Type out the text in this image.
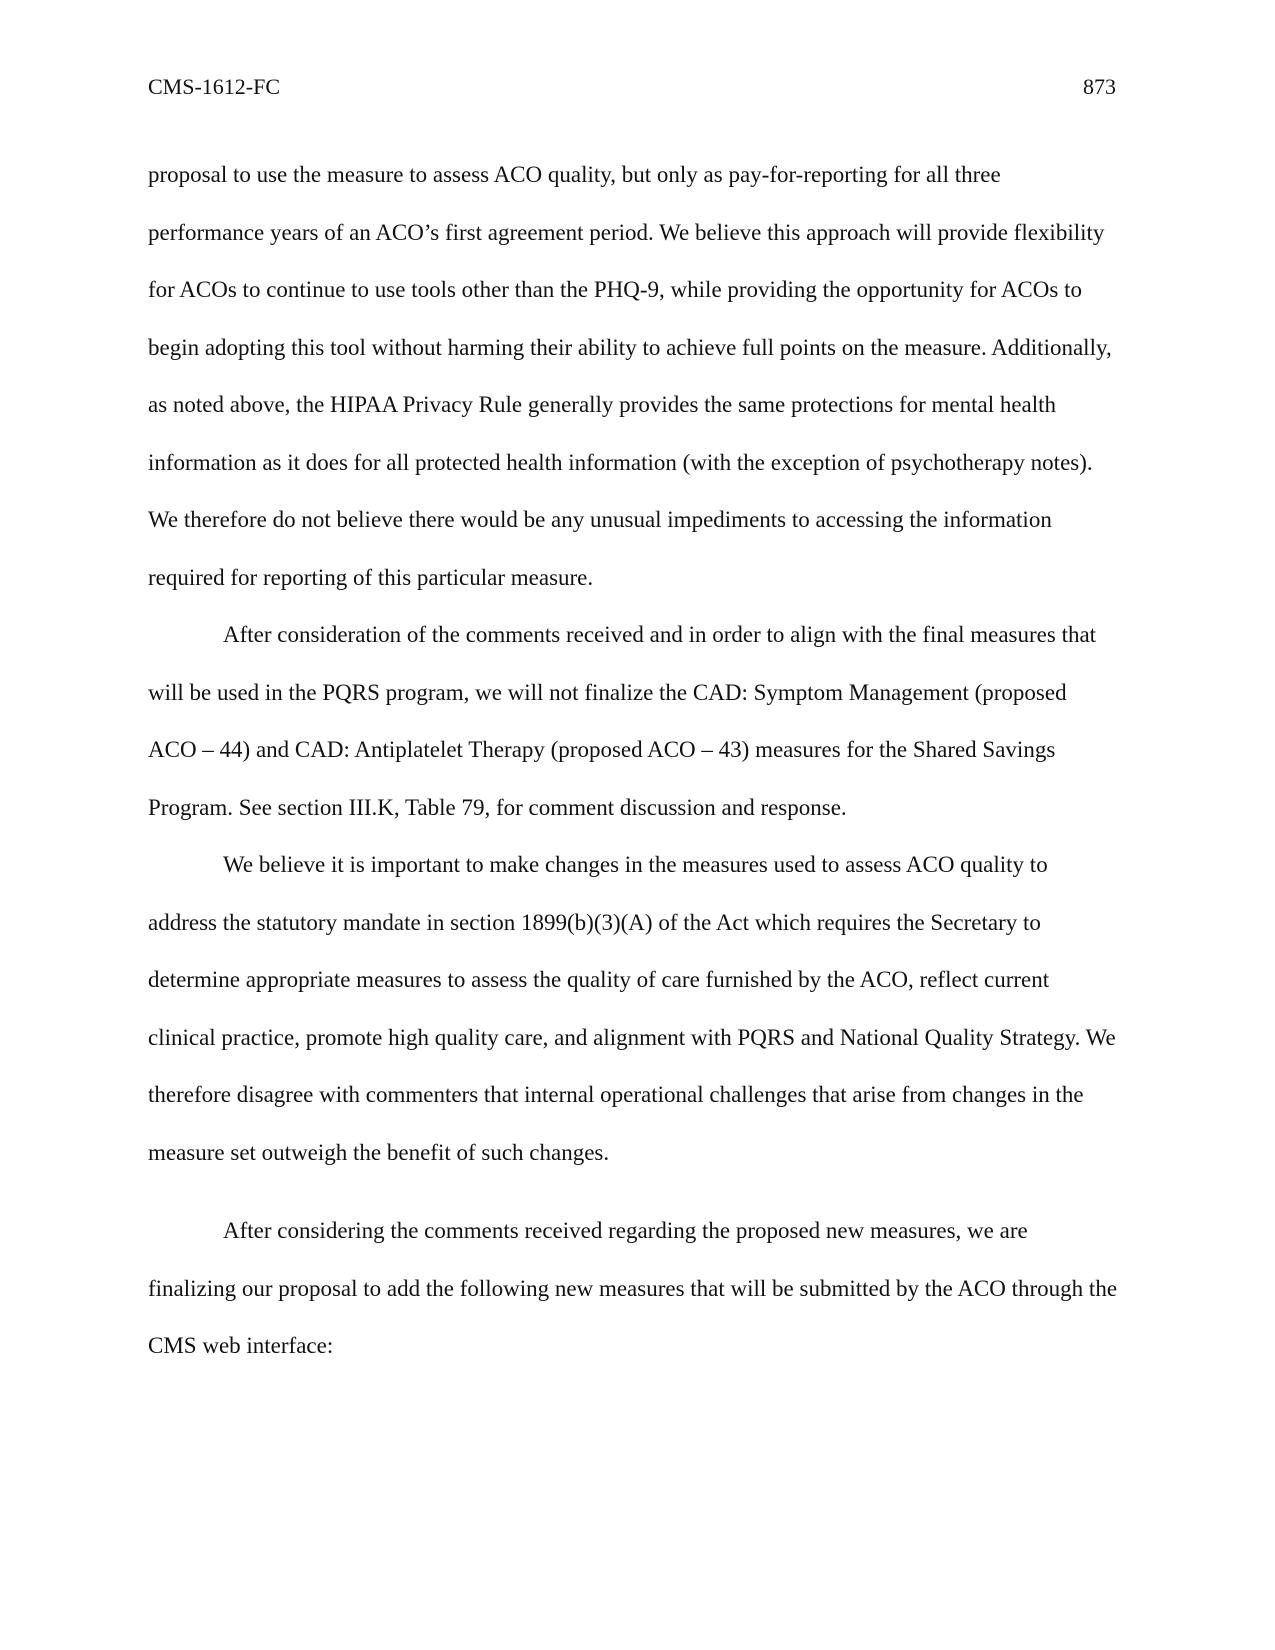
CMS-1612-FC	873

proposal to use the measure to assess ACO quality, but only as pay-for-reporting for all three performance years of an ACO’s first agreement period. We believe this approach will provide flexibility for ACOs to continue to use tools other than the PHQ-9, while providing the opportunity for ACOs to begin adopting this tool without harming their ability to achieve full points on the measure. Additionally, as noted above, the HIPAA Privacy Rule generally provides the same protections for mental health information as it does for all protected health information (with the exception of psychotherapy notes). We therefore do not believe there would be any unusual impediments to accessing the information required for reporting of this particular measure.

After consideration of the comments received and in order to align with the final measures that will be used in the PQRS program, we will not finalize the CAD: Symptom Management (proposed ACO – 44) and CAD: Antiplatelet Therapy (proposed ACO – 43) measures for the Shared Savings Program. See section III.K, Table 79, for comment discussion and response.

We believe it is important to make changes in the measures used to assess ACO quality to address the statutory mandate in section 1899(b)(3)(A) of the Act which requires the Secretary to determine appropriate measures to assess the quality of care furnished by the ACO, reflect current clinical practice, promote high quality care, and alignment with PQRS and National Quality Strategy. We therefore disagree with commenters that internal operational challenges that arise from changes in the measure set outweigh the benefit of such changes.

After considering the comments received regarding the proposed new measures, we are finalizing our proposal to add the following new measures that will be submitted by the ACO through the CMS web interface:
